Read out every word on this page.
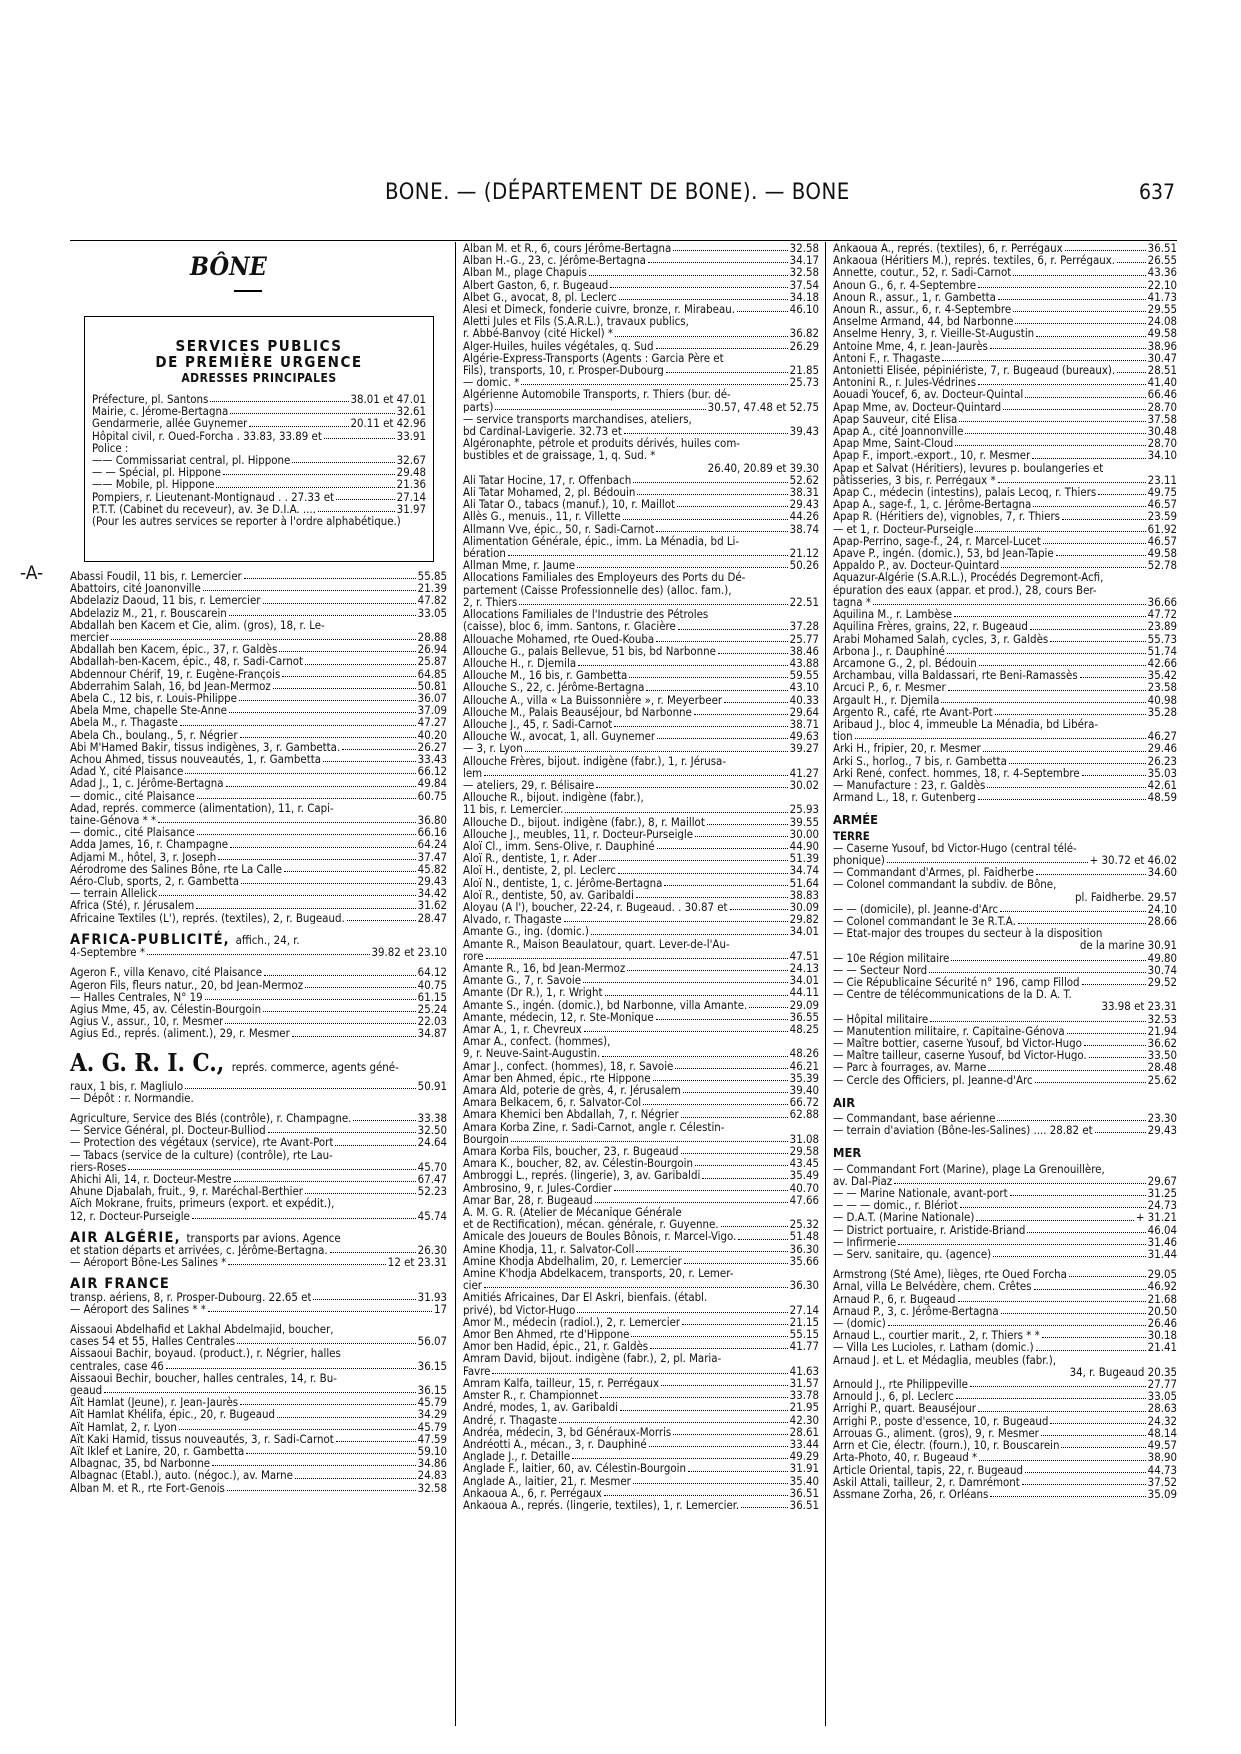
BONE. — (DÉPARTEMENT DE BONE). — BONE	637
BÔNE
SERVICES PUBLICS
DE PREMIÈRE URGENCE
ADRESSES PRINCIPALES
Préfecture, pl. Santons	38.01 et 47.01
Mairie, c. Jérome-Bertagna	32.61
Gendarmerie, allée Guynemer	20.11 et 42.96
Hôpital civil, r. Oued-Forcha . 33.83, 33.89 et	33.91
Police :
—— Commissariat central, pl. Hippone	32.67
— — Spécial, pl. Hippone	29.48
—— Mobile, pl. Hippone	21.36
Pompiers, r. Lieutenant-Montignaud . . 27.33 et	27.14
P.T.T. (Cabinet du receveur), av. 3e D.I.A. ....	31.97
(Pour les autres services se reporter à l'ordre alphabétique.)
-A- Abassi Foudil, 11 bis, r. Lemercier	55.85
Abattoirs, cité Joanonville	21.39
Abdelaziz Daoud, 11 bis, r. Lemercier	47.82
Abdelaziz M., 21, r. Bouscarein	33.05
Abdallah ben Kacem et Cie, alim. (gros), 18, r. Le-
mercier	28.88
Abdallah ben Kacem, épic., 37, r. Galdès	26.94
Abdallah-ben-Kacem, épic., 48, r. Sadi-Carnot	25.87
Abdennour Chérif, 19, r. Eugène-François	64.85
Abderrahim Salah, 16, bd Jean-Mermoz	50.81
Abela C., 12 bis, r. Louis-Philippe	36.07
Abela Mme, chapelle Ste-Anne	37.09
Abela M., r. Thagaste	47.27
Abela Ch., boulang., 5, r. Négrier	40.20
Abi M'Hamed Bakir, tissus indigènes, 3, r. Gambetta.	26.27
Achou Ahmed, tissus nouveautés, 1, r. Gambetta	33.43
Adad Y., cité Plaisance	66.12
Adad J., 1, c. Jérôme-Bertagna	49.84
— domic., cité Plaisance	60.75
Adad, représ. commerce (alimentation), 11, r. Capi-
taine-Génova * *	36.80
— domic., cité Plaisance	66.16
Adda James, 16, r. Champagne	64.24
Adjami M., hôtel, 3, r. Joseph	37.47
Aérodrome des Salines Bône, rte La Calle	45.82
Aéro-Club, sports, 2, r. Gambetta	29.43
— terrain Allelick	34.42
Africa (Sté), r. Jérusalem	31.62
Africaine Textiles (L'), représ. (textiles), 2, r. Bugeaud.	28.47
AFRICA-PUBLICITÉ, affich., 24, r.
4-Septembre *	39.82 et 23.10
Ageron F., villa Kenavo, cité Plaisance	64.12
Ageron Fils, fleurs natur., 20, bd Jean-Mermoz	40.75
— Halles Centrales, N° 19	61.15
Agius Mme, 45, av. Célestin-Bourgoin	25.24
Agius V., assur., 10, r. Mesmer	22.03
Agius Ed., représ. (aliment.), 29, r. Mesmer	34.87
A. G. R. I. C., représ. commerce, agents géné-
raux, 1 bis, r. Magliulo	50.91
— Dépôt : r. Normandie.
Agriculture, Service des Blés (contrôle), r. Champagne.	33.38
— Service Général, pl. Docteur-Bulliod	32.50
— Protection des végétaux (service), rte Avant-Port	24.64
— Tabacs (service de la culture) (contrôle), rte Lau-
riers-Roses	45.70
Ahichi Ali, 14, r. Docteur-Mestre	67.47
Ahune Djabalah, fruit., 9, r. Maréchal-Berthier	52.23
Aïch Mokrane, fruits, primeurs (export. et expédit.),
12, r. Docteur-Purseigle	45.74
AIR ALGÉRIE, transports par avions. Agence
et station départs et arrivées, c. Jérôme-Bertagna.	26.30
— Aéroport Bône-Les Salines *	12 et 23.31
AIR FRANCE
transp. aériens, 8, r. Prosper-Dubourg. 22.65 et	31.93
— Aéroport des Salines * *	17
Aissaoui Abdelhafid et Lakhal Abdelmajid, boucher,
cases 54 et 55, Halles Centrales	56.07
Aissaoui Bachir, boyaud. (product.), r. Négrier, halles
centrales, case 46	36.15
Aissaoui Bechir, boucher, halles centrales, 14, r. Bu-
geaud	36.15
Aït Hamlat (Jeune), r. Jean-Jaurès	45.79
Aït Hamlat Khélifa, épic., 20, r. Bugeaud	34.29
Aït Hamlat, 2, r. Lyon	45.79
Aït Kaki Hamid, tissus nouveautés, 3, r. Sadi-Carnot	47.59
Aït Iklef et Lanire, 20, r. Gambetta	59.10
Albagnac, 35, bd Narbonne	34.86
Albagnac (Etabl.), auto. (négoc.), av. Marne	24.83
Alban M. et R., rte Fort-Genois	32.58
Alban M. et R., 6, cours Jérôme-Bertagna	32.58
Alban H.-G., 23, c. Jérôme-Bertagna	34.17
Alban M., plage Chapuis	32.58
Albert Gaston, 6, r. Bugeaud	37.54
Albet G., avocat, 8, pl. Leclerc	34.18
Alesi et Dimeck, fonderie cuivre, bronze, r. Mirabeau.	46.10
Aletti Jules et Fils (S.A.R.L.), travaux publics,
r. Abbé-Banvoy (cité Hickel) *	36.82
Alger-Huiles, huiles végétales, q. Sud	26.29
Algérie-Express-Transports (Agents : Garcia Père et
Fils), transports, 10, r. Prosper-Dubourg	21.85
— domic. *	25.73
Algérienne Automobile Transports, r. Thiers (bur. dé-
parts)	30.57, 47.48 et 52.75
— service transports marchandises, ateliers,
bd Cardinal-Lavigerie. 32.73 et	39.43
Algéronaphte, pétrole et produits dérivés, huiles com-
bustibles et de graissage, 1, q. Sud. *
26.40, 20.89 et 39.30
Ali Tatar Hocine, 17, r. Offenbach	52.62
Ali Tatar Mohamed, 2, pl. Bédouin	38.31
Ali Tatar O., tabacs (manuf.), 10, r. Maillot	29.43
Allès G., menuis., 11, r. Villette	44.26
Allmann Vve, épic., 50, r. Sadi-Carnot	38.74
Alimentation Générale, épic., imm. La Ménadia, bd Li-
bération	21.12
Allman Mme, r. Jaume	50.26
Allocations Familiales des Employeurs des Ports du Dé-
partement (Caisse Professionnelle des) (alloc. fam.),
2, r. Thiers	22.51
Allocations Familiales de l'Industrie des Pétroles
(caisse), bloc 6, imm. Santons, r. Glacière	37.28
Allouache Mohamed, rte Oued-Kouba	25.77
Allouche G., palais Bellevue, 51 bis, bd Narbonne	38.46
Allouche H., r. Djemila	43.88
Allouche M., 16 bis, r. Gambetta	59.55
Allouche S., 22, c. Jérôme-Bertagna	43.10
Allouche A., villa « La Buissonnière », r. Meyerbeer	40.33
Allouche M., Palais Beauséjour, bd Narbonne	29.64
Allouche J., 45, r. Sadi-Carnot	38.71
Allouche W., avocat, 1, all. Guynemer	49.63
— 3, r. Lyon	39.27
Allouche Frères, bijout. indigène (fabr.), 1, r. Jérusa-
lem	41.27
— ateliers, 29, r. Bélisaire	30.02
Allouche R., bijout. indigène (fabr.),
11 bis, r. Lemercier.	25.93
Allouche D., bijout. indigène (fabr.), 8, r. Maillot	39.55
Allouche J., meubles, 11, r. Docteur-Purseigle	30.00
Aloï Cl., imm. Sens-Olive, r. Dauphiné	44.90
Aloï R., dentiste, 1, r. Ader	51.39
Aloï H., dentiste, 2, pl. Leclerc	34.74
Aloï N., dentiste, 1, c. Jérôme-Bertagna	51.64
Aloï R., dentiste, 50, av. Garibaldi	38.83
Aloyau (A l'), boucher, 22-24, r. Bugeaud. . 30.87 et	30.09
Alvado, r. Thagaste	29.82
Amante G., ing. (domic.)	34.01
Amante R., Maison Beaulatour, quart. Lever-de-l'Au-
rore	47.51
Amante R., 16, bd Jean-Mermoz	24.13
Amante G., 7, r. Savoie	34.01
Amante (Dr R.), 1, r. Wright	44.11
Amante S., ingén. (domic.), bd Narbonne, villa Amante.	29.09
Amante, médecin, 12, r. Ste-Monique	36.55
Amar A., 1, r. Chevreux	48.25
Amar A., confect. (hommes),
9, r. Neuve-Saint-Augustin.	48.26
Amar J., confect. (hommes), 18, r. Savoie	46.21
Amar ben Ahmed, épic., rte Hippone	35.39
Amara Ald, poterie de grès, 4, r. Jérusalem	39.40
Amara Belkacem, 6, r. Salvator-Col	66.72
Amara Khemici ben Abdallah, 7, r. Négrier	62.88
Amara Korba Zine, r. Sadi-Carnot, angle r. Célestin-
Bourgoin	31.08
Amara Korba Fils, boucher, 23, r. Bugeaud	29.58
Amara K., boucher, 82, av. Célestin-Bourgoin	43.45
Ambroggi L., représ. (lingerie), 3, av. Garibaldi	35.49
Ambrosino, 9, r. Jules-Cordier	40.70
Amar Bar, 28, r. Bugeaud	47.66
A. M. G. R. (Atelier de Mécanique Générale
et de Rectification), mécan. générale, r. Guyenne.	25.32
Amicale des Joueurs de Boules Bônois, r. Marcel-Vigo.	51.48
Amine Khodja, 11, r. Salvator-Coll	36.30
Amine Khodja Abdelhalim, 20, r. Lemercier	35.66
Amine K'hodja Abdelkacem, transports, 20, r. Lemer-
cier	36.30
Amitiés Africaines, Dar El Askri, bienfais. (établ.
privé), bd Victor-Hugo	27.14
Amor M., médecin (radiol.), 2, r. Lemercier	21.15
Amor Ben Ahmed, rte d'Hippone	55.15
Amor ben Hadid, épic., 21, r. Galdès	41.77
Amram David, bijout. indigène (fabr.), 2, pl. Maria-
Favre	41.63
Amram Kalfa, tailleur, 15, r. Perrégaux	31.57
Amster R., r. Championnet	33.78
André, modes, 1, av. Garibaldi	21.95
André, r. Thagaste	42.30
Andréa, médecin, 3, bd Généraux-Morris	28.61
Andréotti A., mécan., 3, r. Dauphiné	33.44
Anglade J., r. Detaille	49.29
Anglade F., laitier, 60, av. Célestin-Bourgoin	31.91
Anglade A., laitier, 21, r. Mesmer	35.40
Ankaoua A., 6, r. Perrégaux	36.51
Ankaoua A., représ. (lingerie, textiles), 1, r. Lemercier.	36.51
Ankaoua A., représ. (textiles), 6, r. Perrégaux	36.51
Ankaoua (Héritiers M.), représ. textiles, 6, r. Perrégaux.	26.55
Annette, coutur., 52, r. Sadi-Carnot	43.36
Anoun G., 6, r. 4-Septembre	22.10
Anoun R., assur., 1, r. Gambetta	41.73
Anoun R., assur., 6, r. 4-Septembre	29.55
Anselme Armand, 44, bd Narbonne	24.08
Anselme Henry, 3, r. Vieille-St-Augustin	49.58
Antoine Mme, 4, r. Jean-Jaurès	38.96
Antoni F., r. Thagaste	30.47
Antonietti Elisée, pépiniériste, 7, r. Bugeaud (bureaux).	28.51
Antonini R., r. Jules-Védrines	41.40
Aouadi Youcef, 6, av. Docteur-Quintal	66.46
Apap Mme, av. Docteur-Quintard	28.70
Apap Sauveur, cité Elisa	37.58
Apap A., cité Joannonville	30.48
Apap Mme, Saint-Cloud	28.70
Apap F., import.-export., 10, r. Mesmer	34.10
Apap et Salvat (Héritiers), levures p. boulangeries et
pâtisseries, 3 bis, r. Perrégaux *	23.11
Apap C., médecin (intestins), palais Lecoq, r. Thiers	49.75
Apap A., sage-f., 1, c. Jérôme-Bertagna	46.57
Apap R. (Héritiers de), vignobles, 7, r. Thiers	23.59
— et 1, r. Docteur-Purseigle	61.92
Apap-Perrino, sage-f., 24, r. Marcel-Lucet	46.57
Apave P., ingén. (domic.), 53, bd Jean-Tapie	49.58
Appaldo P., av. Docteur-Quintard	52.78
Aquazur-Algérie (S.A.R.L.), Procédés Degremont-Acfi,
épuration des eaux (appar. et prod.), 28, cours Ber-
tagna *	36.66
Aquilina M., r. Lambèse	47.72
Aquilina Frères, grains, 22, r. Bugeaud	23.89
Arabi Mohamed Salah, cycles, 3, r. Galdès	55.73
Arbona J., r. Dauphiné	51.74
Arcamone G., 2, pl. Bédouin	42.66
Archambau, villa Baldassari, rte Beni-Ramassès	35.42
Arcuci P., 6, r. Mesmer	23.58
Argault H., r. Djemila	40.98
Argento R., café, rte Avant-Port	35.28
Aribaud J., bloc 4, immeuble La Ménadia, bd Libéra-
tion	46.27
Arki H., fripier, 20, r. Mesmer	29.46
Arki S., horlog., 7 bis, r. Gambetta	26.23
Arki René, confect. hommes, 18, r. 4-Septembre	35.03
— Manufacture : 23, r. Galdès	42.61
Armand L., 18, r. Gutenberg	48.59
ARMÉE
TERRE
— Caserne Yusouf, bd Victor-Hugo (central télé-
phonique)	+ 30.72 et 46.02
— Commandant d'Armes, pl. Faidherbe	34.60
— Colonel commandant la subdiv. de Bône,
pl. Faidherbe. 29.57
— — (domicile), pl. Jeanne-d'Arc	24.10
— Colonel commandant le 3e R.T.A.	28.66
— Etat-major des troupes du secteur à la disposition
de la marine 30.91
— 10e Région militaire	49.80
— — Secteur Nord	30.74
— Cie Républicaine Sécurité n° 196, camp Fillod	29.52
— Centre de télécommunications de la D. A. T.
33.98 et 23.31
— Hôpital militaire	32.53
— Manutention militaire, r. Capitaine-Génova	21.94
— Maître bottier, caserne Yusouf, bd Victor-Hugo	36.62
— Maître tailleur, caserne Yusouf, bd Victor-Hugo.	33.50
— Parc à fourrages, av. Marne	28.48
— Cercle des Officiers, pl. Jeanne-d'Arc	25.62
AIR
— Commandant, base aérienne	23.30
— terrain d'aviation (Bône-les-Salines) .... 28.82 et	29.43
MER
— Commandant Fort (Marine), plage La Grenouillère,
av. Dal-Piaz	29.67
— — Marine Nationale, avant-port	31.25
— — — domic., r. Blériot	24.73
— D.A.T. (Marine Nationale)	+ 31.21
— District portuaire, r. Aristide-Briand	46.04
— Infirmerie	31.46
— Serv. sanitaire, qu. (agence)	31.44
Armstrong (Sté Ame), lièges, rte Oued Forcha	29.05
Arnal, villa Le Belvédère, chem. Crêtes	46.92
Arnaud P., 6, r. Bugeaud	21.68
Arnaud P., 3, c. Jérôme-Bertagna	20.50
— (domic)	26.46
Arnaud L., courtier marit., 2, r. Thiers * *	30.18
— Villa Les Lucioles, r. Latham (domic.)	21.41
Arnaud J. et L. et Médaglia, meubles (fabr.),
34, r. Bugeaud 20.35
Arnould J., rte Philippeville	27.77
Arnould J., 6, pl. Leclerc	33.05
Arrighi P., quart. Beauséjour	28.63
Arrighi P., poste d'essence, 10, r. Bugeaud	24.32
Arrouas G., aliment. (gros), 9, r. Mesmer	48.14
Arrn et Cie, électr. (fourn.), 10, r. Bouscarein	49.57
Arta-Photo, 40, r. Bugeaud *	38.90
Article Oriental, tapis, 22, r. Bugeaud	44.73
Askil Attali, tailleur, 2, r. Damrémont	37.52
Assmane Zorha, 26, r. Orléans	35.09
